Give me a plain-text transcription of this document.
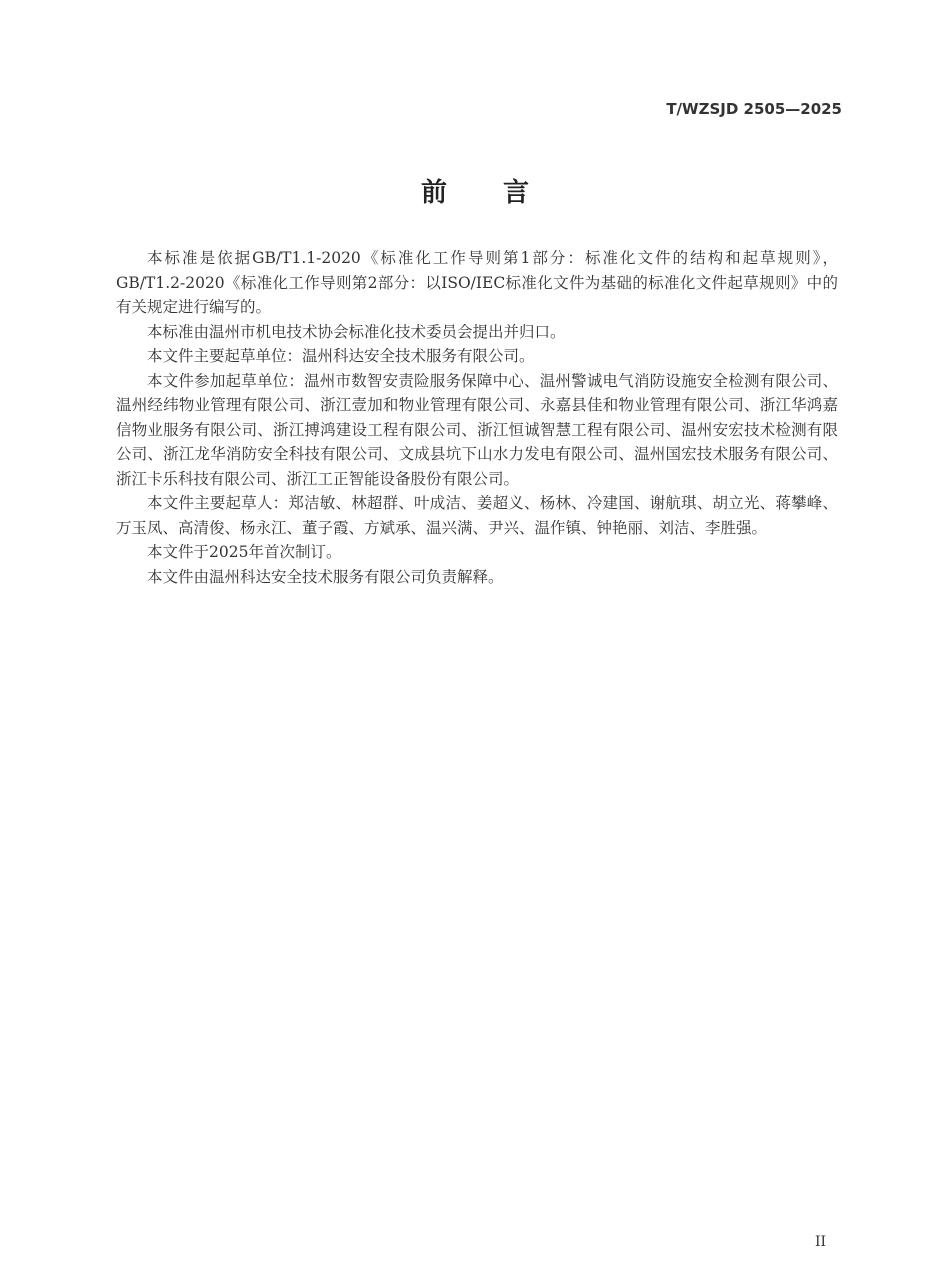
T/WZSJD 2505—2025
前言

本标准是依据GB/T1.1-2020《标准化工作导则第1部分：标准化文件的结构和起草规则》，GB/T1.2-2020《标准化工作导则第2部分：以ISO/IEC标准化文件为基础的标准化文件起草规则》中的有关规定进行编写的。

本标准由温州市机电技术协会标准化技术委员会提出并归口。

本文件主要起草单位：温州科达安全技术服务有限公司。

本文件参加起草单位：温州市数智安责险服务保障中心、温州警诚电气消防设施安全检测有限公司、温州经纬物业管理有限公司、浙江壹加和物业管理有限公司、永嘉县佳和物业管理有限公司、浙江华鸿嘉信物业服务有限公司、浙江搏鸿建设工程有限公司、浙江恒诚智慧工程有限公司、温州安宏技术检测有限公司、浙江龙华消防安全科技有限公司、文成县坑下山水力发电有限公司、温州国宏技术服务有限公司、浙江卡乐科技有限公司、浙江工正智能设备股份有限公司。

本文件主要起草人：郑洁敏、林超群、叶成洁、姜超义、杨林、冷建国、谢航琪、胡立光、蒋攀峰、万玉凤、高清俊、杨永江、董子霞、方斌承、温兴满、尹兴、温作镇、钟艳丽、刘洁、李胜强。

本文件于2025年首次制订。

本文件由温州科达安全技术服务有限公司负责解释。

II
